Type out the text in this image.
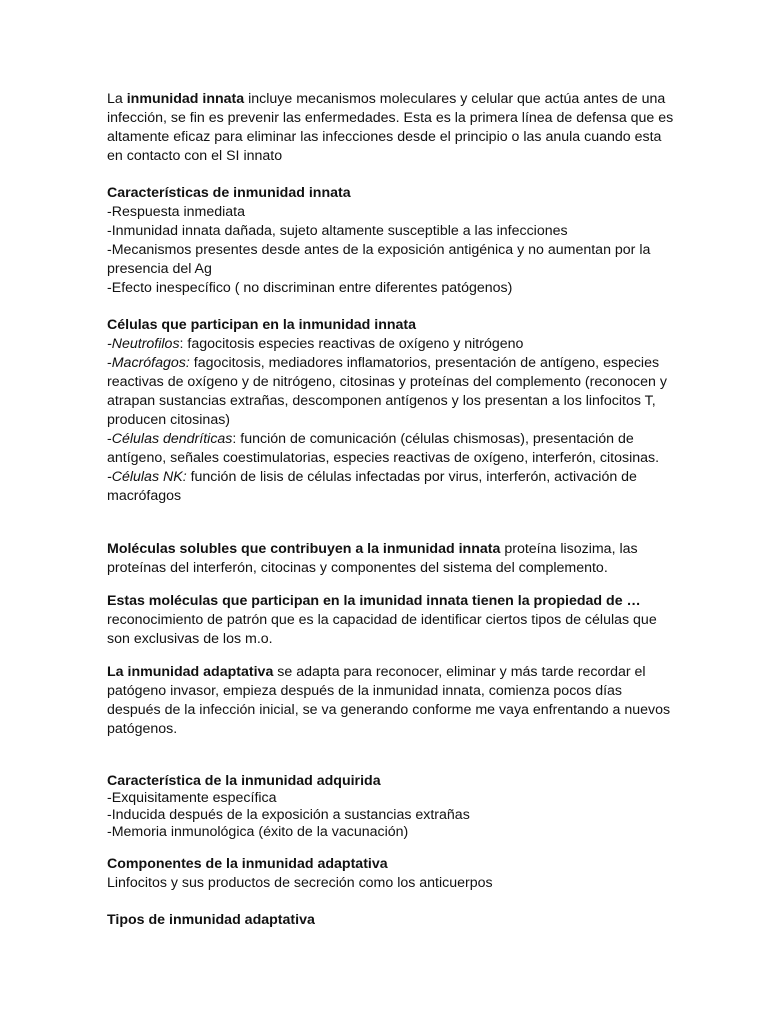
La inmunidad innata incluye mecanismos moleculares y celular que actúa antes de una
infección, se fin es prevenir las enfermedades. Esta es la primera línea de defensa que es
altamente eficaz para eliminar las infecciones desde el principio o las anula cuando esta
en contacto con el SI innato

Características de inmunidad innata
-Respuesta inmediata
-Inmunidad innata dañada, sujeto altamente susceptible a las infecciones
-Mecanismos presentes desde antes de la exposición antigénica y no aumentan por la
presencia del Ag
-Efecto inespecífico ( no discriminan entre diferentes patógenos)
Células que participan en la inmunidad innata
-Neutrofilos: fagocitosis especies reactivas de oxígeno y nitrógeno
-Macrófagos: fagocitosis, mediadores inflamatorios, presentación de antígeno, especies
reactivas de oxígeno y de nitrógeno, citosinas y proteínas del complemento (reconocen y
atrapan sustancias extrañas, descomponen antígenos y los presentan a los linfocitos T,
producen citosinas)
-Células dendríticas: función de comunicación (células chismosas), presentación de
antígeno, señales coestimulatorias, especies reactivas de oxígeno, interferón, citosinas.
-Células NK: función de lisis de células infectadas por virus, interferón, activación de
macrófagos

Moléculas solubles que contribuyen a la inmunidad innata proteína lisozima, las
proteínas del interferón, citocinas y componentes del sistema del complemento.

Estas moléculas que participan en la imunidad innata tienen la propiedad de …
reconocimiento de patrón que es la capacidad de identificar ciertos tipos de células que
son exclusivas de los m.o.

La inmunidad adaptativa se adapta para reconocer, eliminar y más tarde recordar el
patógeno invasor, empieza después de la inmunidad innata, comienza pocos días
después de la infección inicial, se va generando conforme me vaya enfrentando a nuevos
patógenos.

Característica de la inmunidad adquirida
-Exquisitamente específica
-Inducida después de la exposición a sustancias extrañas
-Memoria inmunológica (éxito de la vacunación)
Componentes de la inmunidad adaptativa
Linfocitos y sus productos de secreción como los anticuerpos
Tipos de inmunidad adaptativa
